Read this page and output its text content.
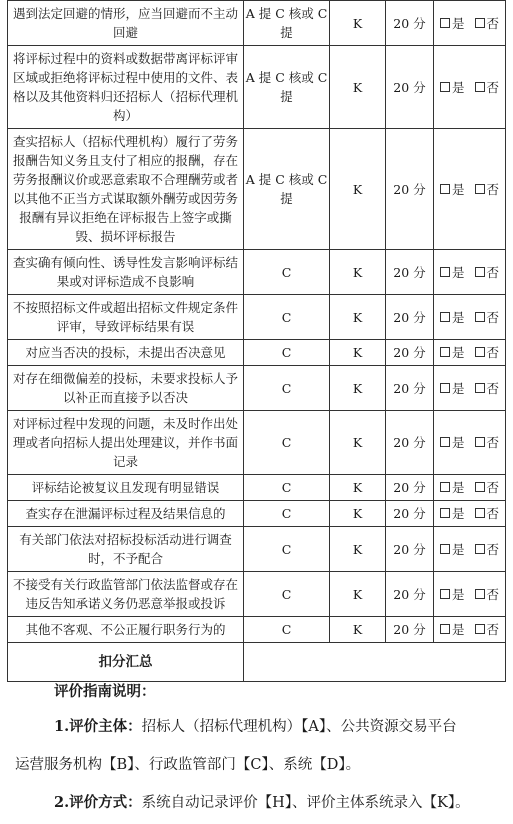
遇到法定回避的情形，应当回避而不主动回避	A 提 C 核或 C 提	K	20 分	是 否
将评标过程中的资料或数据带离评标评审区域或拒绝将评标过程中使用的文件、表格以及其他资料归还招标人（招标代理机构）	A 提 C 核或 C 提	K	20 分	是 否
查实招标人（招标代理机构）履行了劳务报酬告知义务且支付了相应的报酬，存在劳务报酬议价或恶意索取不合理酬劳或者以其他不正当方式谋取额外酬劳或因劳务报酬有异议拒绝在评标报告上签字或撕毁、损坏评标报告	A 提 C 核或 C 提	K	20 分	是 否
查实确有倾向性、诱导性发言影响评标结果或对评标造成不良影响	C	K	20 分	是 否
不按照招标文件或超出招标文件规定条件评审，导致评标结果有误	C	K	20 分	是 否
对应当否决的投标，未提出否决意见	C	K	20 分	是 否
对存在细微偏差的投标，未要求投标人予以补正而直接予以否决	C	K	20 分	是 否
对评标过程中发现的问题，未及时作出处理或者向招标人提出处理建议，并作书面记录	C	K	20 分	是 否
评标结论被复议且发现有明显错误	C	K	20 分	是 否
查实存在泄漏评标过程及结果信息的	C	K	20 分	是 否
有关部门依法对招标投标活动进行调查时，不予配合	C	K	20 分	是 否
不接受有关行政监管部门依法监督或存在违反告知承诺义务仍恶意举报或投诉	C	K	20 分	是 否
其他不客观、不公正履行职务行为的	C	K	20 分	是 否
扣分汇总				
评价指南说明：
1.评价主体：招标人（招标代理机构）【A】、公共资源交易平台
运营服务机构【B】、行政监管部门【C】、系统【D】。
2.评价方式：系统自动记录评价【H】、评价主体系统录入【K】。
